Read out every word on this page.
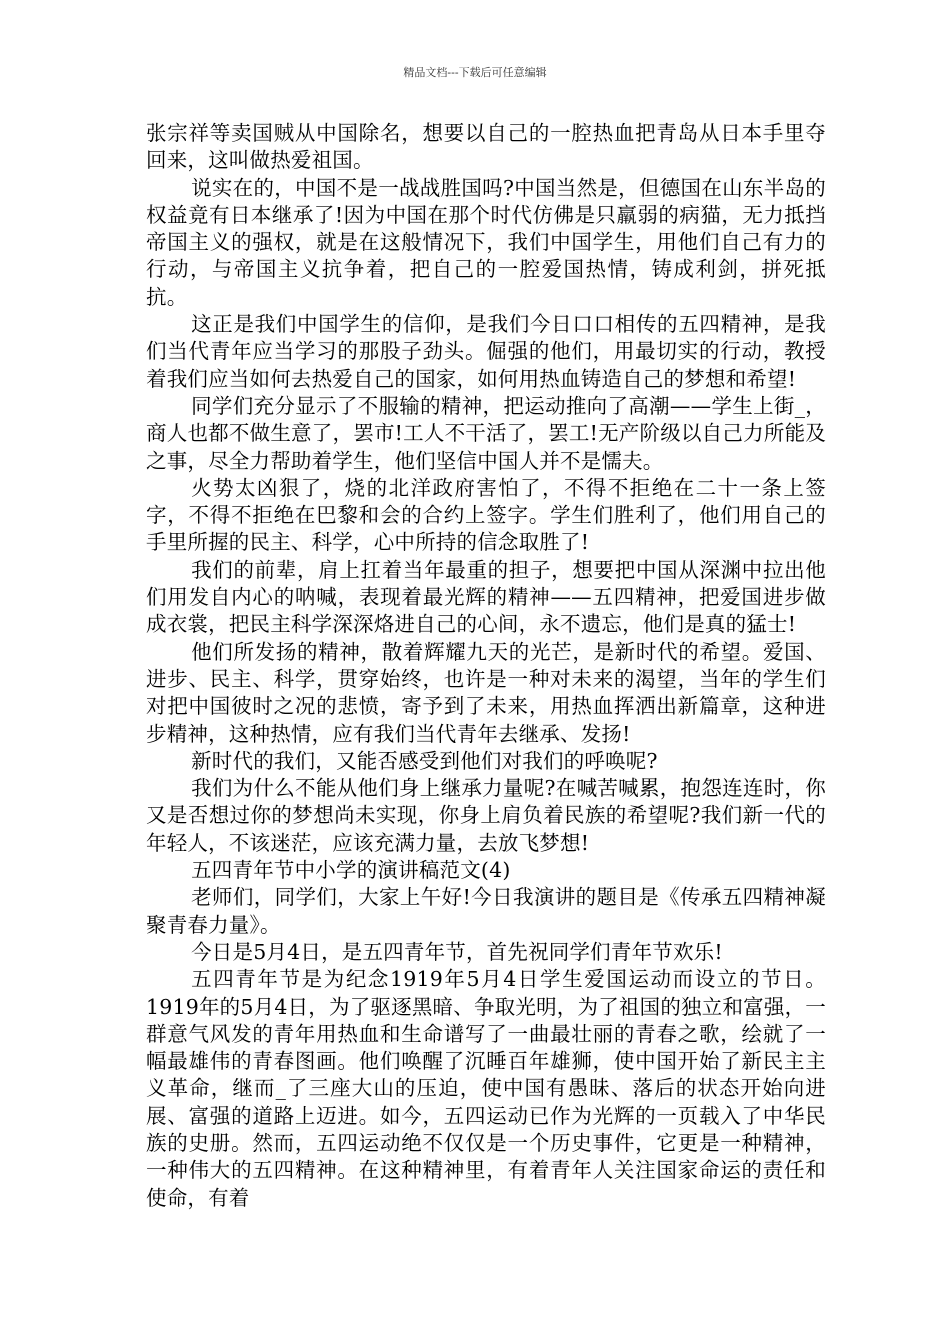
精品文档---下载后可任意编辑

张宗祥等卖国贼从中国除名，想要以自己的一腔热血把青岛从日本手里夺回来，这叫做热爱祖国。

说实在的，中国不是一战战胜国吗?中国当然是，但德国在山东半岛的权益竟有日本继承了!因为中国在那个时代仿佛是只羸弱的病猫，无力抵挡帝国主义的强权，就是在这般情况下，我们中国学生，用他们自己有力的行动，与帝国主义抗争着，把自己的一腔爱国热情，铸成利剑，拼死抵抗。

这正是我们中国学生的信仰，是我们今日口口相传的五四精神，是我们当代青年应当学习的那股子劲头。倔强的他们，用最切实的行动，教授着我们应当如何去热爱自己的国家，如何用热血铸造自己的梦想和希望!

同学们充分显示了不服输的精神，把运动推向了高潮——学生上街_，商人也都不做生意了，罢市!工人不干活了，罢工!无产阶级以自己力所能及之事，尽全力帮助着学生，他们坚信中国人并不是懦夫。

火势太凶狠了，烧的北洋政府害怕了，不得不拒绝在二十一条上签字，不得不拒绝在巴黎和会的合约上签字。学生们胜利了，他们用自己的手里所握的民主、科学，心中所持的信念取胜了!

我们的前辈，肩上扛着当年最重的担子，想要把中国从深渊中拉出他们用发自内心的呐喊，表现着最光辉的精神——五四精神，把爱国进步做成衣裳，把民主科学深深烙进自己的心间，永不遗忘，他们是真的猛士!

他们所发扬的精神，散着辉耀九天的光芒，是新时代的希望。爱国、进步、民主、科学，贯穿始终，也许是一种对未来的渴望，当年的学生们对把中国彼时之况的悲愤，寄予到了未来，用热血挥洒出新篇章，这种进步精神，这种热情，应有我们当代青年去继承、发扬!

新时代的我们，又能否感受到他们对我们的呼唤呢?

我们为什么不能从他们身上继承力量呢?在喊苦喊累，抱怨连连时，你又是否想过你的梦想尚未实现，你身上肩负着民族的希望呢?我们新一代的年轻人，不该迷茫，应该充满力量，去放飞梦想!

五四青年节中小学的演讲稿范文(4)

老师们，同学们，大家上午好!今日我演讲的题目是《传承五四精神凝聚青春力量》。

今日是5月4日，是五四青年节，首先祝同学们青年节欢乐!

五四青年节是为纪念1919年5月4日学生爱国运动而设立的节日。1919年的5月4日，为了驱逐黑暗、争取光明，为了祖国的独立和富强，一群意气风发的青年用热血和生命谱写了一曲最壮丽的青春之歌，绘就了一幅最雄伟的青春图画。他们唤醒了沉睡百年雄狮，使中国开始了新民主主义革命，继而_了三座大山的压迫，使中国有愚昧、落后的状态开始向进展、富强的道路上迈进。如今，五四运动已作为光辉的一页载入了中华民族的史册。然而，五四运动绝不仅仅是一个历史事件，它更是一种精神，一种伟大的五四精神。在这种精神里，有着青年人关注国家命运的责任和使命，有着
